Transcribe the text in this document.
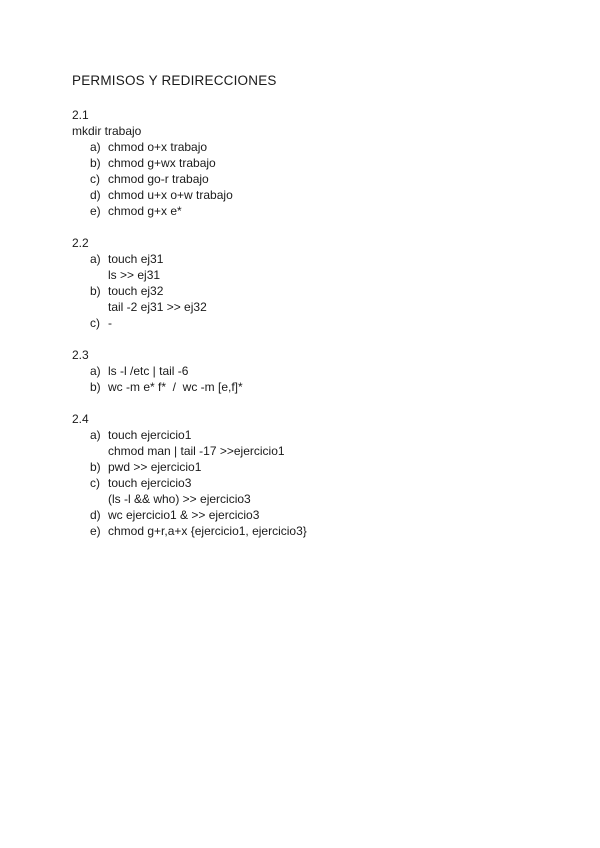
PERMISOS Y REDIRECCIONES
2.1
mkdir trabajo
a) chmod o+x trabajo
b) chmod g+wx trabajo
c) chmod go-r trabajo
d) chmod u+x o+w trabajo
e) chmod g+x e*
2.2
a) touch ej31
ls >> ej31
b) touch ej32
tail -2 ej31 >> ej32
c) -
2.3
a) ls -l /etc | tail -6
b) wc -m e* f*  /  wc -m [e,f]*
2.4
a) touch ejercicio1
chmod man | tail -17 >>ejercicio1
b) pwd >> ejercicio1
c) touch ejercicio3
(ls -l && who) >> ejercicio3
d) wc ejercicio1 & >> ejercicio3
e) chmod g+r,a+x {ejercicio1, ejercicio3}
